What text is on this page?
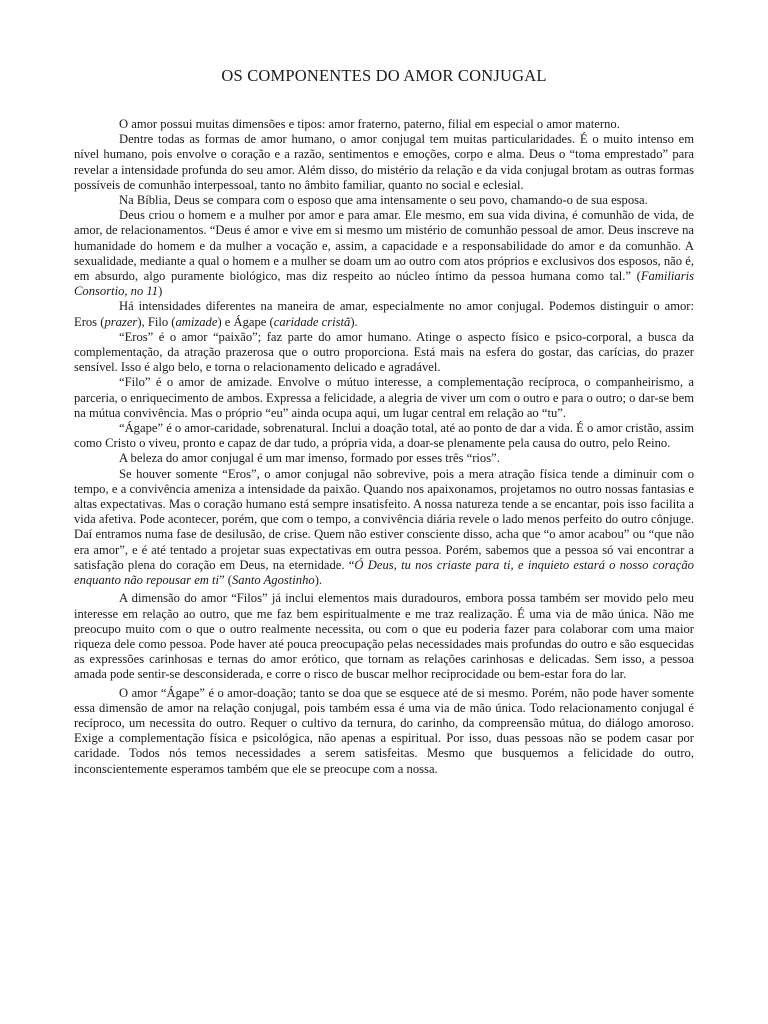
OS COMPONENTES DO AMOR CONJUGAL

O amor possui muitas dimensões e tipos: amor fraterno, paterno, filial em especial o amor materno.

Dentre todas as formas de amor humano, o amor conjugal tem muitas particularidades. É o muito intenso em nível humano, pois envolve o coração e a razão, sentimentos e emoções, corpo e alma. Deus o “toma emprestado” para revelar a intensidade profunda do seu amor. Além disso, do mistério da relação e da vida conjugal brotam as outras formas possíveis de comunhão interpessoal, tanto no âmbito familiar, quanto no social e eclesial.

Na Bíblia, Deus se compara com o esposo que ama intensamente o seu povo, chamando-o de sua esposa.

Deus criou o homem e a mulher por amor e para amar. Ele mesmo, em sua vida divina, é comunhão de vida, de amor, de relacionamentos. “Deus é amor e vive em si mesmo um mistério de comunhão pessoal de amor. Deus inscreve na humanidade do homem e da mulher a vocação e, assim, a capacidade e a responsabilidade do amor e da comunhão. A sexualidade, mediante a qual o homem e a mulher se doam um ao outro com atos próprios e exclusivos dos esposos, não é, em absurdo, algo puramente biológico, mas diz respeito ao núcleo íntimo da pessoa humana como tal.” (Familiaris Consortio, no 11)

Há intensidades diferentes na maneira de amar, especialmente no amor conjugal. Podemos distinguir o amor: Eros (prazer), Filo (amizade) e Ágape (caridade cristã).

“Eros” é o amor “paixão”; faz parte do amor humano. Atinge o aspecto físico e psico-corporal, a busca da complementação, da atração prazerosa que o outro proporciona. Está mais na esfera do gostar, das carícias, do prazer sensível. Isso é algo belo, e torna o relacionamento delicado e agradável.

“Filo” é o amor de amizade. Envolve o mútuo interesse, a complementação recíproca, o companheirismo, a parceria, o enriquecimento de ambos. Expressa a felicidade, a alegria de viver um com o outro e para o outro; o dar-se bem na mútua convivência. Mas o próprio “eu” ainda ocupa aqui, um lugar central em relação ao “tu”.

“Ágape” é o amor-caridade, sobrenatural. Inclui a doação total, até ao ponto de dar a vida. É o amor cristão, assim como Cristo o viveu, pronto e capaz de dar tudo, a própria vida, a doar-se plenamente pela causa do outro, pelo Reino.

A beleza do amor conjugal é um mar imenso, formado por esses três “rios”.

Se houver somente “Eros”, o amor conjugal não sobrevive, pois a mera atração física tende a diminuir com o tempo, e a convivência ameniza a intensidade da paixão. Quando nos apaixonamos, projetamos no outro nossas fantasias e altas expectativas. Mas o coração humano está sempre insatisfeito. A nossa natureza tende a se encantar, pois isso facilita a vida afetiva. Pode acontecer, porém, que com o tempo, a convivência diária revele o lado menos perfeito do outro cônjuge. Daí entramos numa fase de desilusão, de crise. Quem não estiver consciente disso, acha que “o amor acabou” ou “que não era amor”, e é até tentado a projetar suas expectativas em outra pessoa. Porém, sabemos que a pessoa só vai encontrar a satisfação plena do coração em Deus, na eternidade. “Ó Deus, tu nos criaste para ti, e inquieto estará o nosso coração enquanto não repousar em ti” (Santo Agostinho).

A dimensão do amor “Filos” já inclui elementos mais duradouros, embora possa também ser movido pelo meu interesse em relação ao outro, que me faz bem espiritualmente e me traz realização. É uma via de mão única. Não me preocupo muito com o que o outro realmente necessita, ou com o que eu poderia fazer para colaborar com uma maior riqueza dele como pessoa. Pode haver até pouca preocupação pelas necessidades mais profundas do outro e são esquecidas as expressões carinhosas e ternas do amor erótico, que tornam as relações carinhosas e delicadas. Sem isso, a pessoa amada pode sentir-se desconsiderada, e corre o risco de buscar melhor reciprocidade ou bem-estar fora do lar.

O amor “Ágape” é o amor-doação; tanto se doa que se esquece até de si mesmo. Porém, não pode haver somente essa dimensão de amor na relação conjugal, pois também essa é uma via de mão única. Todo relacionamento conjugal é recíproco, um necessita do outro. Requer o cultivo da ternura, do carinho, da compreensão mútua, do diálogo amoroso. Exige a complementação física e psicológica, não apenas a espiritual. Por isso, duas pessoas não se podem casar por caridade. Todos nós temos necessidades a serem satisfeitas. Mesmo que busquemos a felicidade do outro, inconscientemente esperamos também que ele se preocupe com a nossa.
